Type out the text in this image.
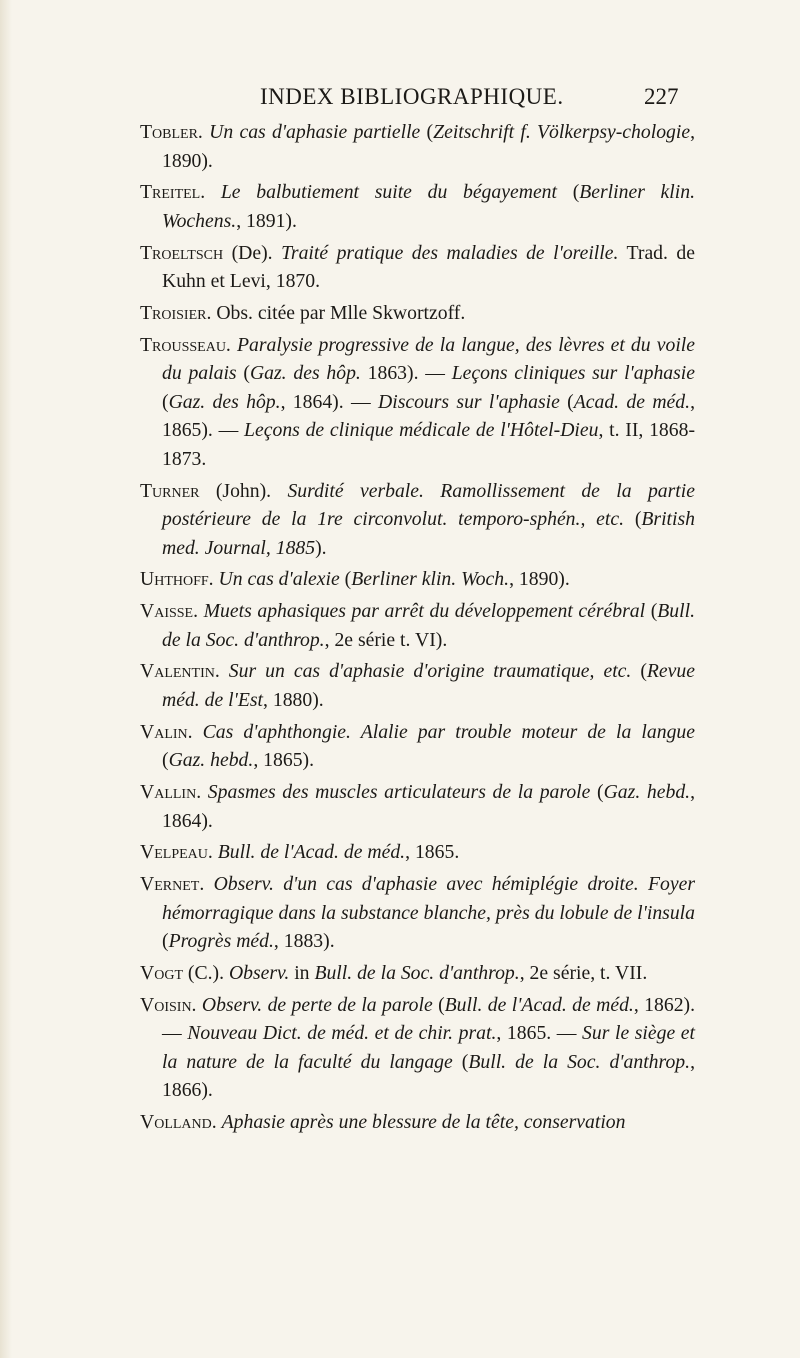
INDEX BIBLIOGRAPHIQUE.	227

Tobler. Un cas d'aphasie partielle (Zeitschrift f. Völkerpsy-chologie, 1890).

Treitel. Le balbutiement suite du bégayement (Berliner klin. Wochens., 1891).

Troeltsch (De). Traité pratique des maladies de l'oreille. Trad. de Kuhn et Levi, 1870.

Troisier. Obs. citée par Mlle Skwortzoff.

Trousseau. Paralysie progressive de la langue, des lèvres et du voile du palais (Gaz. des hôp. 1863). — Leçons cliniques sur l'aphasie (Gaz. des hôp., 1864). — Discours sur l'aphasie (Acad. de méd., 1865). — Leçons de clinique médicale de l'Hôtel-Dieu, t. II, 1868-1873.

Turner (John). Surdité verbale. Ramollissement de la partie postérieure de la 1re circonvolut. temporo-sphén., etc. (British med. Journal, 1885).

Uhthoff. Un cas d'alexie (Berliner klin. Woch., 1890).

Vaisse. Muets aphasiques par arrêt du développement cérébral (Bull. de la Soc. d'anthrop., 2e série t. VI).

Valentin. Sur un cas d'aphasie d'origine traumatique, etc. (Revue méd. de l'Est, 1880).

Valin. Cas d'aphthongie. Alalie par trouble moteur de la langue (Gaz. hebd., 1865).

Vallin. Spasmes des muscles articulateurs de la parole (Gaz. hebd., 1864).

Velpeau. Bull. de l'Acad. de méd., 1865.

Vernet. Observ. d'un cas d'aphasie avec hémiplégie droite. Foyer hémorragique dans la substance blanche, près du lobule de l'insula (Progrès méd., 1883).

Vogt (C.). Observ. in Bull. de la Soc. d'anthrop., 2e série, t. VII.

Voisin. Observ. de perte de la parole (Bull. de l'Acad. de méd., 1862). — Nouveau Dict. de méd. et de chir. prat., 1865. — Sur le siège et la nature de la faculté du langage (Bull. de la Soc. d'anthrop., 1866).

Volland. Aphasie après une blessure de la tête, conservation
